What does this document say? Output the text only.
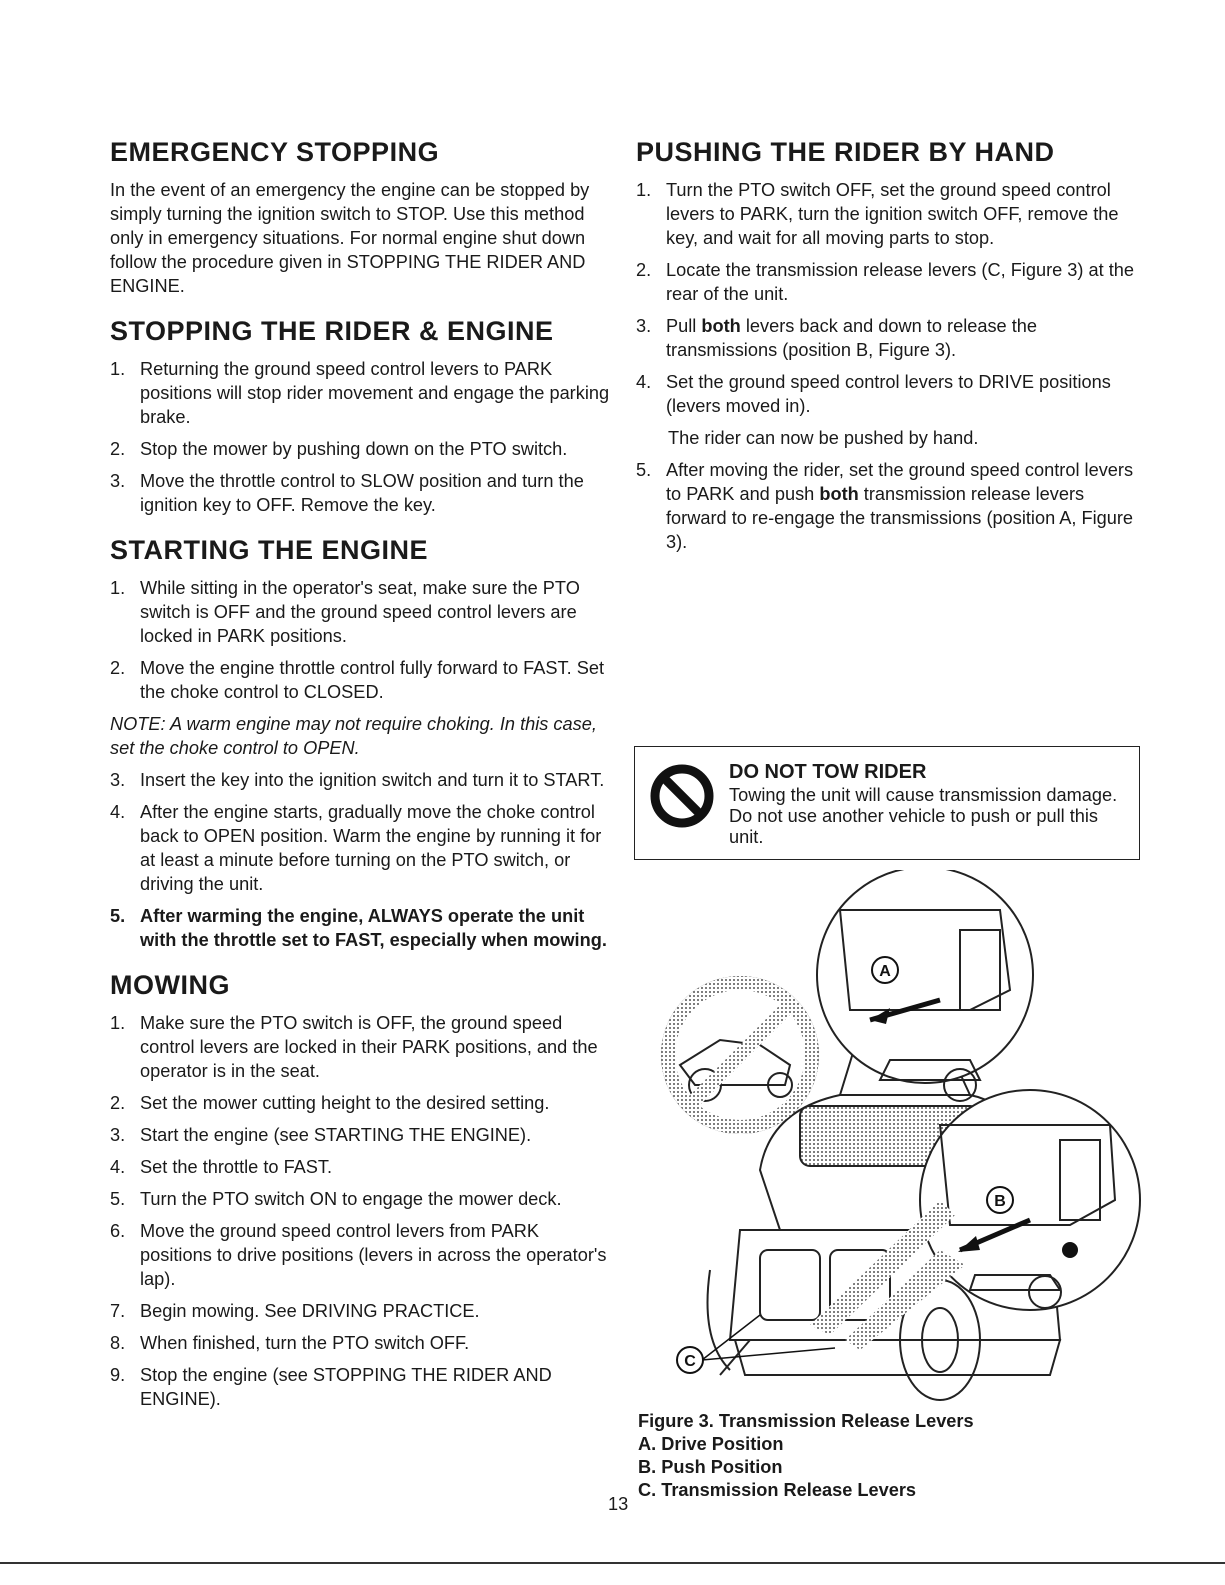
EMERGENCY STOPPING

In the event of an emergency the engine can be stopped by simply turning the ignition switch to STOP. Use this method only in emergency situations. For normal engine shut down follow the procedure given in STOPPING THE RIDER AND ENGINE.

STOPPING THE RIDER & ENGINE
1. Returning the ground speed control levers to PARK positions will stop rider movement and engage the parking brake.
2. Stop the mower by pushing down on the PTO switch.
3. Move the throttle control to SLOW position and turn the ignition key to OFF. Remove the key.
STARTING THE ENGINE
1. While sitting in the operator's seat, make sure the PTO switch is OFF and the ground speed control levers are locked in PARK positions.
2. Move the engine throttle control fully forward to FAST. Set the choke control to CLOSED.

NOTE: A warm engine may not require choking. In this case, set the choke control to OPEN.

3. Insert the key into the ignition switch and turn it to START.
4. After the engine starts, gradually move the choke control back to OPEN position. Warm the engine by running it for at least a minute before turning on the PTO switch, or driving the unit.
5. After warming the engine, ALWAYS operate the unit with the throttle set to FAST, especially when mowing.
MOWING
1. Make sure the PTO switch is OFF, the ground speed control levers are locked in their PARK positions, and the operator is in the seat.
2. Set the mower cutting height to the desired setting.
3. Start the engine (see STARTING THE ENGINE).
4. Set the throttle to FAST.
5. Turn the PTO switch ON to engage the mower deck.
6. Move the ground speed control levers from PARK positions to drive positions (levers in across the operator's lap).
7. Begin mowing. See DRIVING PRACTICE.
8. When finished, turn the PTO switch OFF.
9. Stop the engine (see STOPPING THE RIDER AND ENGINE).
PUSHING THE RIDER BY HAND
1. Turn the PTO switch OFF, set the ground speed control levers to PARK, turn the ignition switch OFF, remove the key, and wait for all moving parts to stop.
2. Locate the transmission release levers (C, Figure 3) at the rear of the unit.
3. Pull both levers back and down to release the transmissions (position B, Figure 3).
4. Set the ground speed control levers to DRIVE positions (levers moved in).

The rider can now be pushed by hand.

5. After moving the rider, set the ground speed control levers to PARK and push both transmission release levers forward to re-engage the transmissions (position A, Figure 3).
DO NOT TOW RIDER
Towing the unit will cause transmission damage. Do not use another vehicle to push or pull this unit.
A
B
C
Figure 3. Transmission Release Levers
A. Drive Position
B. Push Position
C. Transmission Release Levers
13
